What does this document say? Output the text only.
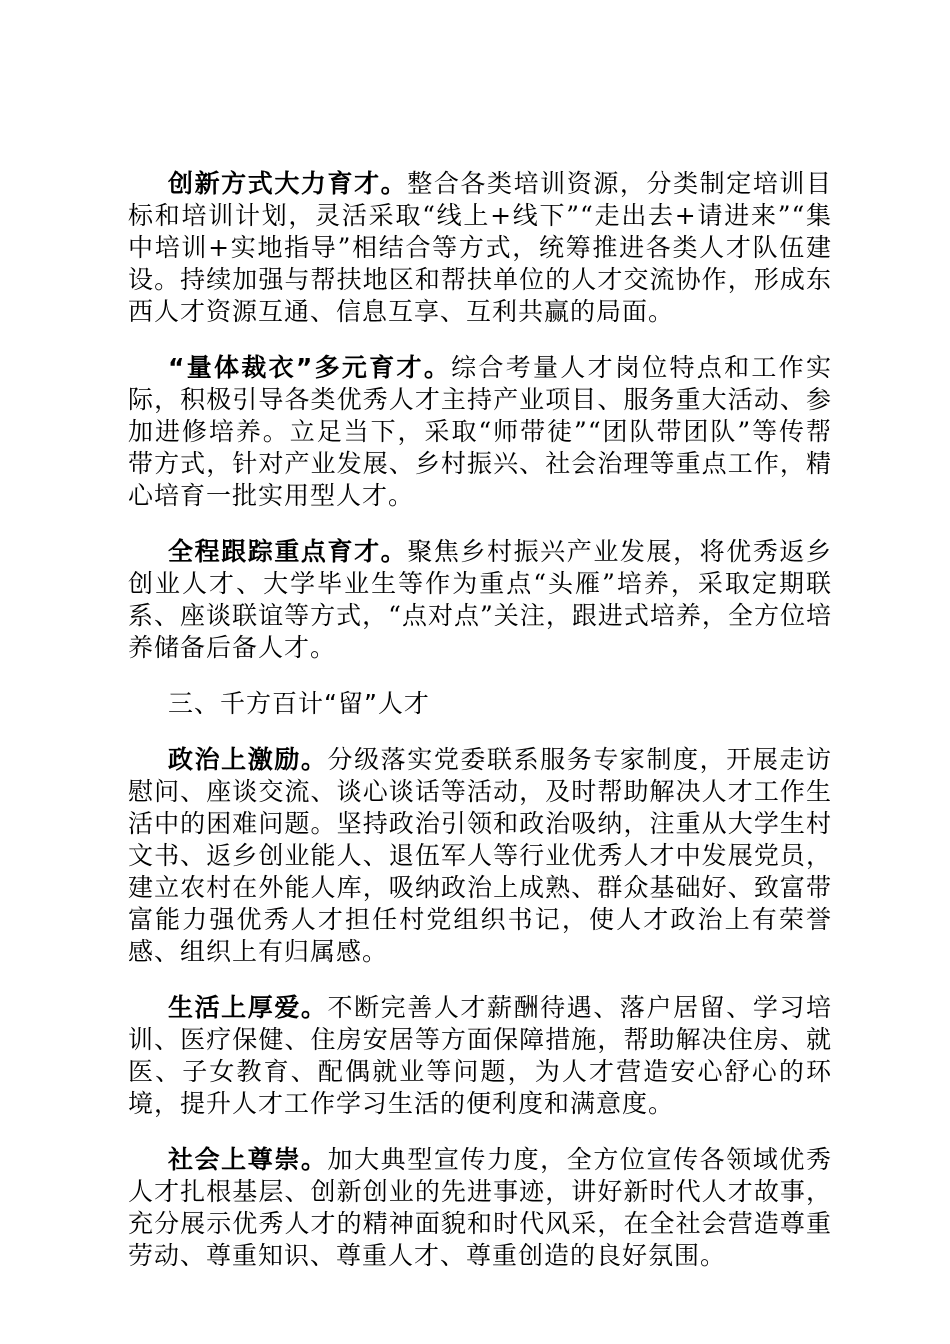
创新方式大力育才。整合各类培训资源，分类制定培训目标和培训计划，灵活采取“线上+线下”“走出去+请进来”“集中培训+实地指导”相结合等方式，统筹推进各类人才队伍建设。持续加强与帮扶地区和帮扶单位的人才交流协作，形成东西人才资源互通、信息互享、互利共赢的局面。

“量体裁衣”多元育才。综合考量人才岗位特点和工作实际，积极引导各类优秀人才主持产业项目、服务重大活动、参加进修培养。立足当下，采取“师带徒”“团队带团队”等传帮带方式，针对产业发展、乡村振兴、社会治理等重点工作，精心培育一批实用型人才。

全程跟踪重点育才。聚焦乡村振兴产业发展，将优秀返乡创业人才、大学毕业生等作为重点“头雁”培养，采取定期联系、座谈联谊等方式，“点对点”关注，跟进式培养，全方位培养储备后备人才。

三、千方百计“留”人才

政治上激励。分级落实党委联系服务专家制度，开展走访慰问、座谈交流、谈心谈话等活动，及时帮助解决人才工作生活中的困难问题。坚持政治引领和政治吸纳，注重从大学生村文书、返乡创业能人、退伍军人等行业优秀人才中发展党员，建立农村在外能人库，吸纳政治上成熟、群众基础好、致富带富能力强优秀人才担任村党组织书记，使人才政治上有荣誉感、组织上有归属感。

生活上厚爱。不断完善人才薪酬待遇、落户居留、学习培训、医疗保健、住房安居等方面保障措施，帮助解决住房、就医、子女教育、配偶就业等问题，为人才营造安心舒心的环境，提升人才工作学习生活的便利度和满意度。

社会上尊崇。加大典型宣传力度，全方位宣传各领域优秀人才扎根基层、创新创业的先进事迹，讲好新时代人才故事，充分展示优秀人才的精神面貌和时代风采，在全社会营造尊重劳动、尊重知识、尊重人才、尊重创造的良好氛围。
